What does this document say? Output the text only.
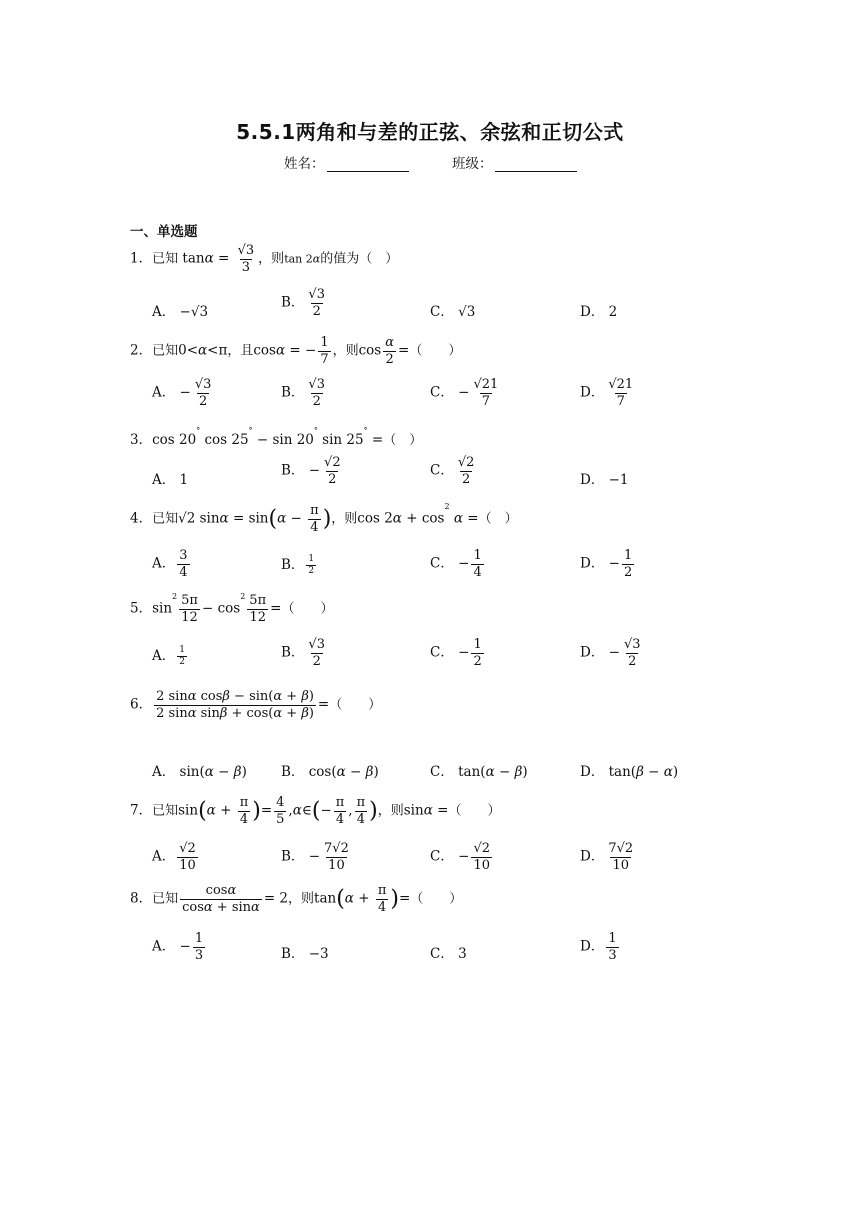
5.5.1两角和与差的正弦、余弦和正切公式
姓名：	班级：
一、单选题
1．已知 $\tan\alpha = \frac{√3}{3}$ ，则tan 2α的值为（　）
A． −√3
B． $\frac{√3}{2}$	C． √3	D． 2
2．已知0<α<π，且cosα = − $\frac{1}{7}$ ，则$\cos \frac{\alpha}{2}$ =（　　）
A． − $\frac{√3}{2}$	B． $\frac{√3}{2}$	C． − $\frac{√21}{7}$	D． $\frac{√21}{7}$
3．cos 20° cos 25° − sin 20° sin 25° =（　）
A． 1
B． − $\frac{√2}{2}$	C． $\frac{√2}{2}$	D． −1
4．已知√2 $\sin\alpha = \sin(\alpha - \frac{\pi}{4}$ )，则$\cos 2\alpha + \cos^2 \alpha$ =（　）
A． $\frac{3}{4}$	B． $\frac{1}{2}$	C． − $\frac{1}{4}$	D． − $\frac{1}{2}$
5．$\sin^2 \frac{5\pi}{12} - \cos^2 \frac{5\pi}{12}$ =（　　）
A． $\frac{1}{2}$	B． $\frac{√3}{2}$	C． − $\frac{1}{2}$	D． − $\frac{√3}{2}$
6． $\frac{\text{2 sinα cosβ − sin(α + β)}}{\text{2 sinα sinβ + cos(α + β)}}$ =（　　）
A． sin(α − β)	B． cos(α − β)	C． tan(α − β)	D． tan(β − α)
7．已知$\sin(\alpha + \frac{\pi}{4}$ )= $\frac{4}{5}$ ,α∈(− $\frac{\pi}{4}$ , $\frac{\pi}{4}$ )，则sinα =（　　）
A． $\frac{√2}{10}$	B． − $\frac{7√2}{10}$	C． − $\frac{√2}{10}$	D． $\frac{7√2}{10}$
8．已知 $\frac{\cos\alpha}{\cos\alpha + \sin\alpha} = 2$，则$\tan(\alpha + \frac{\pi}{4}$ )=（　　）
A． − $\frac{1}{3}$	B． −3	C． 3	D． $\frac{1}{3}$
